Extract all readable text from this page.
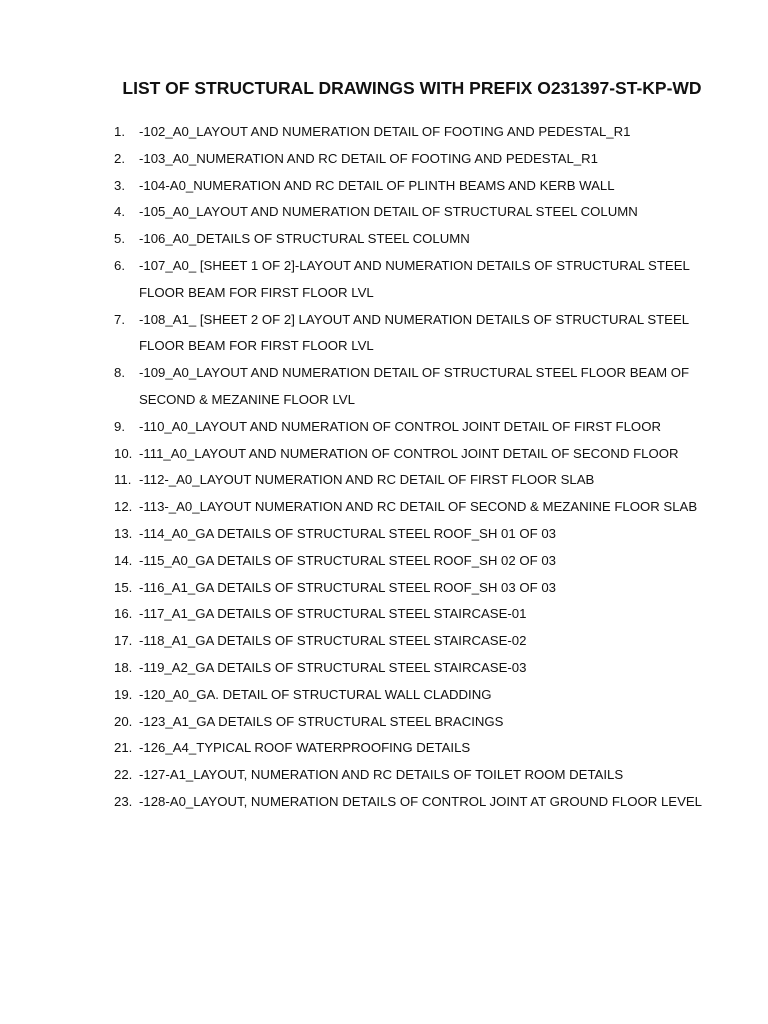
LIST OF STRUCTURAL DRAWINGS WITH PREFIX O231397-ST-KP-WD
1. -102_A0_LAYOUT AND NUMERATION DETAIL OF FOOTING AND PEDESTAL_R1
2. -103_A0_NUMERATION AND RC DETAIL OF FOOTING AND PEDESTAL_R1
3. -104-A0_NUMERATION AND RC DETAIL OF PLINTH BEAMS AND KERB WALL
4. -105_A0_LAYOUT AND NUMERATION DETAIL OF STRUCTURAL STEEL COLUMN
5. -106_A0_DETAILS OF STRUCTURAL STEEL COLUMN
6. -107_A0_ [SHEET 1 OF 2]-LAYOUT AND NUMERATION DETAILS OF STRUCTURAL STEEL FLOOR BEAM FOR FIRST FLOOR LVL
7. -108_A1_ [SHEET 2 OF 2] LAYOUT AND NUMERATION DETAILS OF STRUCTURAL STEEL FLOOR BEAM FOR FIRST FLOOR LVL
8. -109_A0_LAYOUT AND NUMERATION DETAIL OF STRUCTURAL STEEL FLOOR BEAM OF SECOND & MEZANINE FLOOR LVL
9. -110_A0_LAYOUT AND NUMERATION OF CONTROL JOINT DETAIL OF FIRST FLOOR
10. -111_A0_LAYOUT AND NUMERATION OF CONTROL JOINT DETAIL OF SECOND FLOOR
11. -112-_A0_LAYOUT NUMERATION AND RC DETAIL OF FIRST FLOOR SLAB
12. -113-_A0_LAYOUT NUMERATION AND RC DETAIL OF SECOND & MEZANINE FLOOR SLAB
13. -114_A0_GA DETAILS OF STRUCTURAL STEEL ROOF_SH 01 OF 03
14. -115_A0_GA DETAILS OF STRUCTURAL STEEL ROOF_SH 02 OF 03
15. -116_A1_GA DETAILS OF STRUCTURAL STEEL ROOF_SH 03 OF 03
16. -117_A1_GA DETAILS OF STRUCTURAL STEEL STAIRCASE-01
17. -118_A1_GA DETAILS OF STRUCTURAL STEEL STAIRCASE-02
18. -119_A2_GA DETAILS OF STRUCTURAL STEEL STAIRCASE-03
19. -120_A0_GA. DETAIL OF STRUCTURAL WALL CLADDING
20. -123_A1_GA DETAILS OF STRUCTURAL STEEL BRACINGS
21. -126_A4_TYPICAL ROOF WATERPROOFING DETAILS
22. -127-A1_LAYOUT, NUMERATION AND RC DETAILS OF TOILET ROOM DETAILS
23. -128-A0_LAYOUT, NUMERATION DETAILS OF CONTROL JOINT AT GROUND FLOOR LEVEL
